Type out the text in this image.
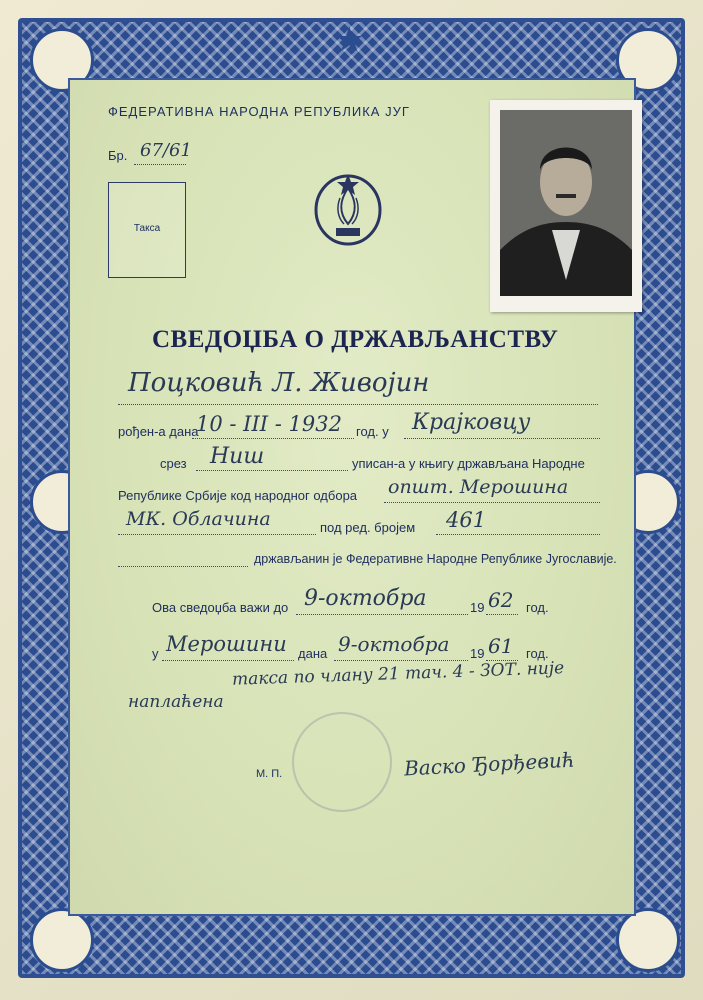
★
ФЕДЕРАТИВНА НАРОДНА РЕПУБЛИКА ЈУГ
Бр. 67/61
Такса
СВЕДОЏБА О ДРЖАВЉАНСТВУ
Поцковић Л. Живојин
рођен-а дана
10 - III - 1932 год. у Крајковцу
срез Ниш	уписан-а у књигу држављана Народне
Републике Србије код народног одбора општ. Мерошина
МК. Облачина	под ред. бројем 461
држављанин је Федеративне Народне Републике Југославије.
Ова сведоџба важи до 9-октобра	19 62 год.
у Мерошини дана 9-октобра 19 61 год.
такса по члану 21 тач. 4 - ЗОТ. није
наплаћена
М. П.	Васко Ђорђевић
